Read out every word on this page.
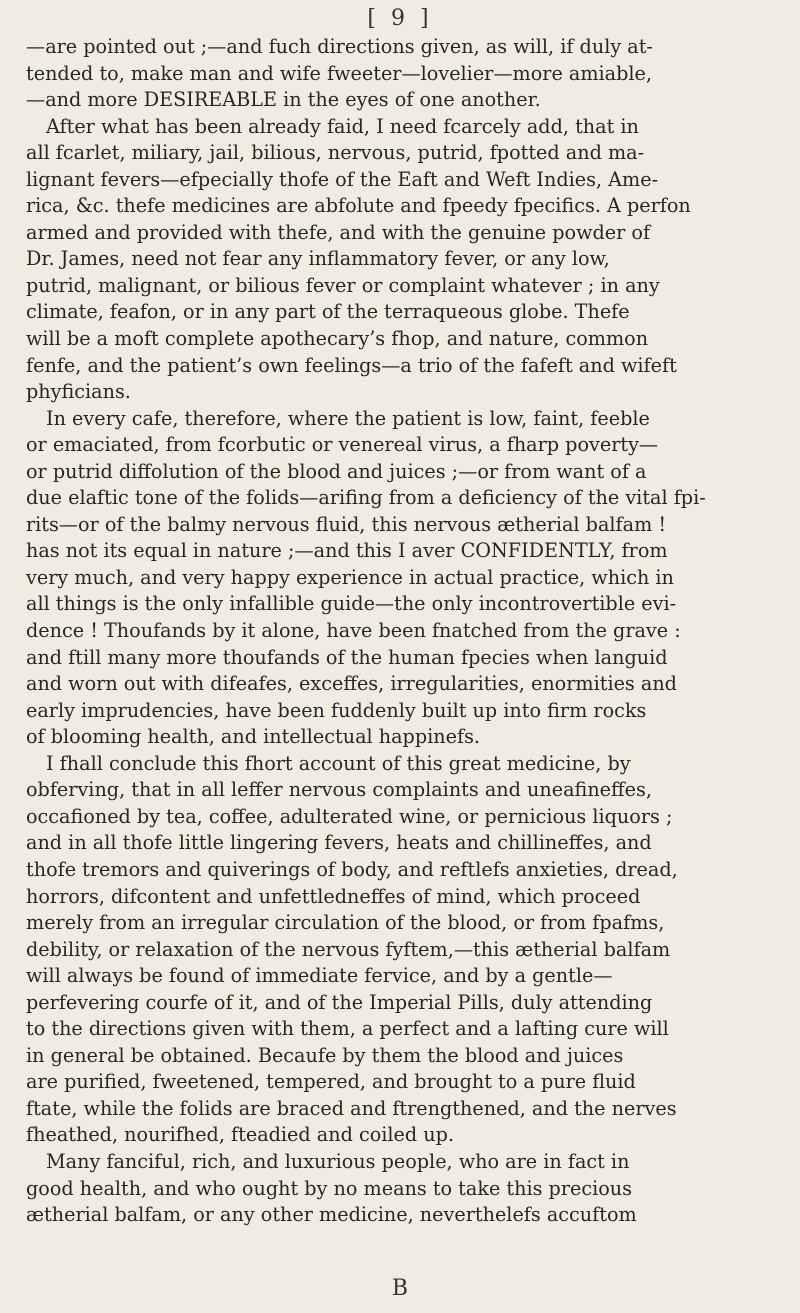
[ 9 ]
—are pointed out ;—and fuch directions given, as will, if duly at-
tended to, make man and wife fweeter—lovelier—more amiable,
—and more DESIREABLE in the eyes of one another.
After what has been already faid, I need fcarcely add, that in
all fcarlet, miliary, jail, bilious, nervous, putrid, fpotted and ma-
lignant fevers—efpecially thofe of the Eaft and Weft Indies, Ame-
rica, &c. thefe medicines are abfolute and fpeedy fpecifics. A perfon
armed and provided with thefe, and with the genuine powder of
Dr. James, need not fear any inflammatory fever, or any low,
putrid, malignant, or bilious fever or complaint whatever ; in any
climate, feafon, or in any part of the terraqueous globe. Thefe
will be a moft complete apothecary’s fhop, and nature, common
fenfe, and the patient’s own feelings—a trio of the fafeft and wifeft
phyficians.
In every cafe, therefore, where the patient is low, faint, feeble
or emaciated, from fcorbutic or venereal virus, a fharp poverty—
or putrid diffolution of the blood and juices ;—or from want of a
due elaftic tone of the folids—arifing from a deficiency of the vital fpi-
rits—or of the balmy nervous fluid, this nervous ætherial balfam !
has not its equal in nature ;—and this I aver CONFIDENTLY, from
very much, and very happy experience in actual practice, which in
all things is the only infallible guide—the only incontrovertible evi-
dence ! Thoufands by it alone, have been fnatched from the grave :
and ftill many more thoufands of the human fpecies when languid
and worn out with difeafes, exceffes, irregularities, enormities and
early imprudencies, have been fuddenly built up into firm rocks
of blooming health, and intellectual happinefs.
I fhall conclude this fhort account of this great medicine, by
obferving, that in all leffer nervous complaints and uneafineffes,
occafioned by tea, coffee, adulterated wine, or pernicious liquors ;
and in all thofe little lingering fevers, heats and chillineffes, and
thofe tremors and quiverings of body, and reftlefs anxieties, dread,
horrors, difcontent and unfettledneffes of mind, which proceed
merely from an irregular circulation of the blood, or from fpafms,
debility, or relaxation of the nervous fyftem,—this ætherial balfam
will always be found of immediate fervice, and by a gentle—
perfevering courfe of it, and of the Imperial Pills, duly attending
to the directions given with them, a perfect and a lafting cure will
in general be obtained. Becaufe by them the blood and juices
are purified, fweetened, tempered, and brought to a pure fluid
ftate, while the folids are braced and ftrengthened, and the nerves
fheathed, nourifhed, fteadied and coiled up.
Many fanciful, rich, and luxurious people, who are in fact in
good health, and who ought by no means to take this precious
ætherial balfam, or any other medicine, neverthelefs accuftom
B
